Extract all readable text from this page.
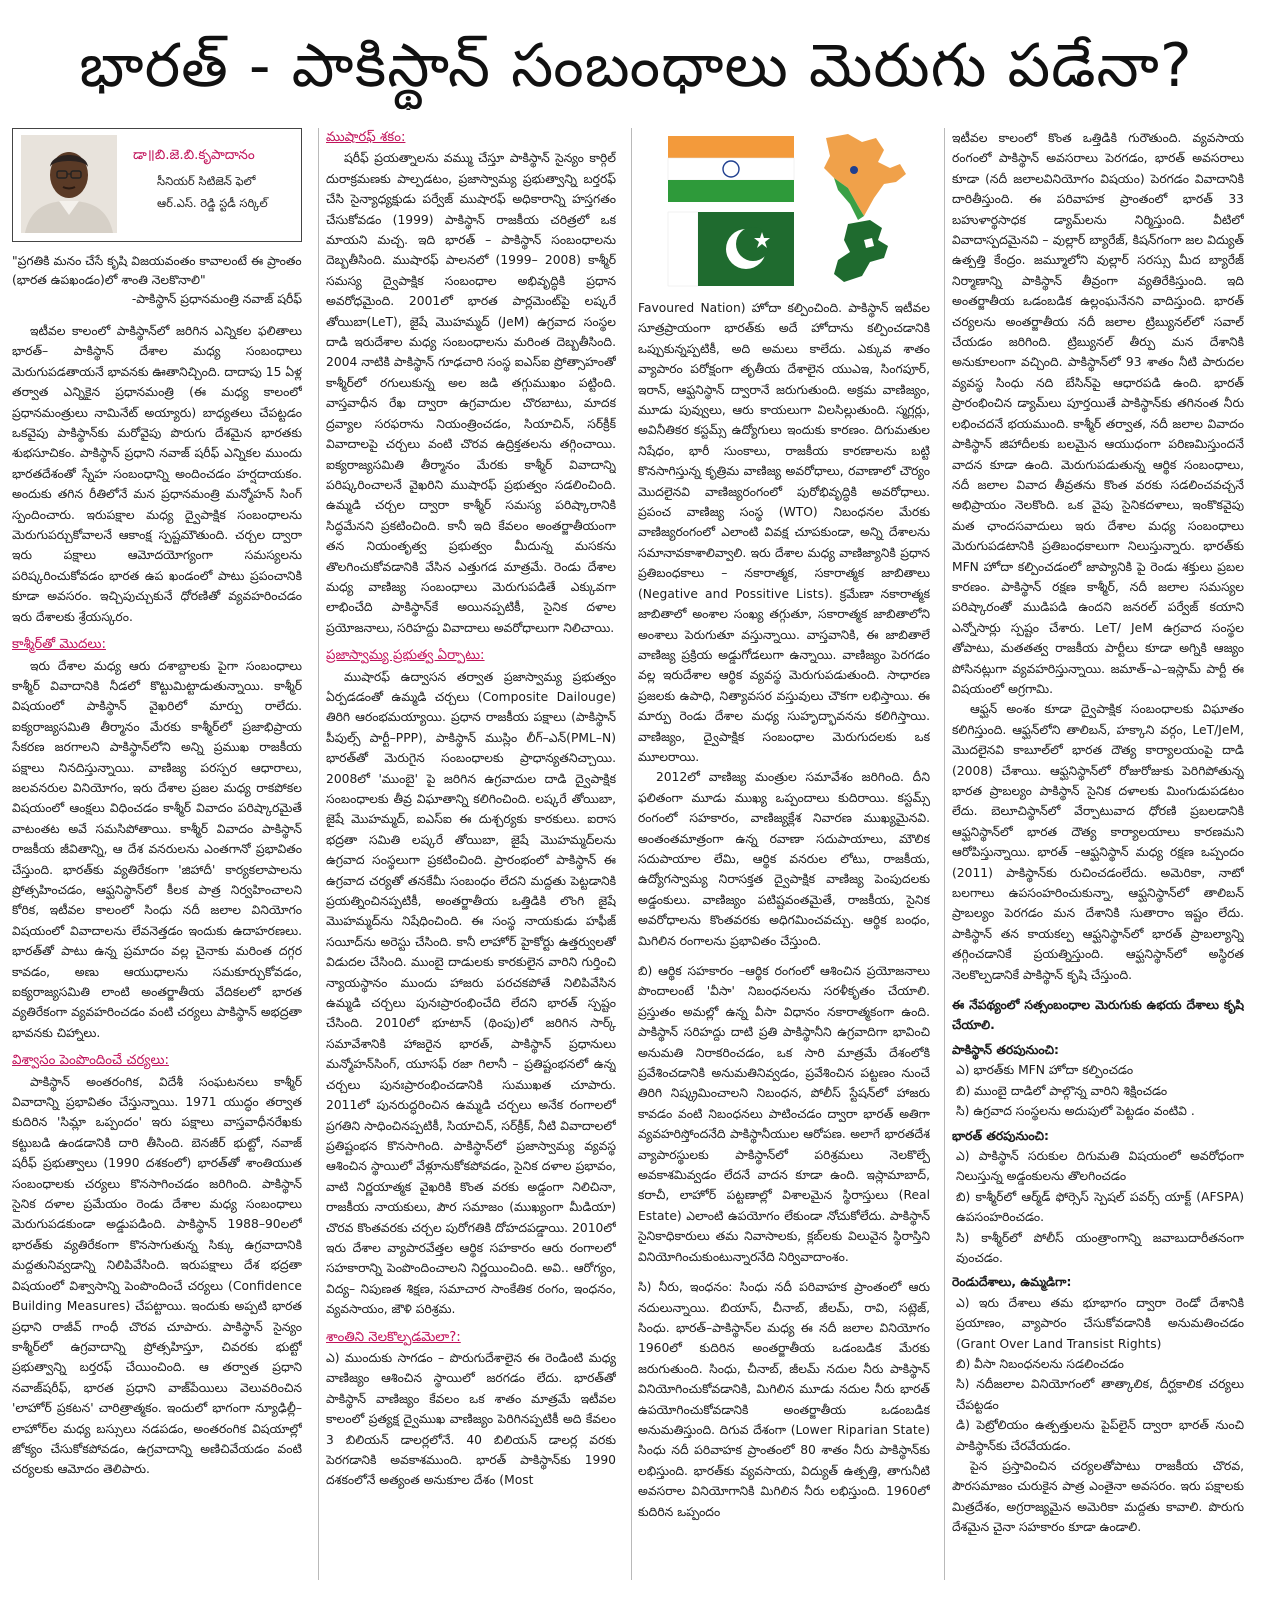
భారత్ - పాకిస్థాన్ సంబంధాలు మెరుగు పడేనా?
డా॥బి.జె.బి.కృపాదానం
సీనియర్ సిటిజెన్ ఫెలో
ఆర్.ఎస్. రెడ్డి స్టడీ సర్కిల్
"ప్రగతికి మనం చేసే కృషి విజయవంతం కావాలంటే ఈ ప్రాంతం (భారత ఉపఖండం)లో శాంతి నెలకొనాలి"
-పాకిస్థాన్ ప్రధానమంత్రి నవాజ్ షరీఫ్

ఇటీవల కాలంలో పాకిస్థాన్‌లో జరిగిన ఎన్నికల ఫలితాలు భారత్‌– పాకిస్థాన్ దేశాల మధ్య సంబంధాలు మెరుగుపడతాయనే భావనకు ఊతానిచ్చింది. దాదాపు 15 ఏళ్ల తర్వాత ఎన్నికైన ప్రధానమంత్రి (ఈ మధ్య కాలంలో ప్రధానమంత్రులు నామినేట్ అయ్యారు) బాధ్యతలు చేపట్టడం ఒకవైపు పాకిస్థాన్‌కు మరోవైపు పొరుగు దేశమైన భారతకు శుభసూచికం. పాకిస్థాన్ ప్రధాని నవాజ్ షరీఫ్ ఎన్నికల ముందు భారతదేశంతో స్నేహ సంబంధాన్ని అందించడం హర్షదాయకం. అందుకు తగిన రీతిలోనే మన ప్రధానమంత్రి మన్మోహన్ సింగ్ స్పందించారు. ఇరుపక్షాల మధ్య ద్వైపాక్షిక సంబంధాలను మెరుగుపర్చుకోవాలనే ఆకాంక్ష స్పష్టమౌతుంది. చర్చల ద్వారా ఇరు పక్షాలు ఆమోదయోగ్యంగా సమస్యలను పరిష్కరించుకోవడం భారత ఉప ఖండంలో పాటు ప్రపంచానికి కూడా అవసరం. ఇచ్చిపుచ్చుకునే ధోరణితో వ్యవహరించడం ఇరు దేశాలకు శ్రేయస్కరం.

కాశ్మీర్‌తో మొదలు:

ఇరు దేశాల మధ్య ఆరు దశాబ్దాలకు పైగా సంబంధాలు కాశ్మీర్ వివాదానికి నీడలో కొట్టుమిట్టాడుతున్నాయి. కాశ్మీర్ విషయంలో పాకిస్థాన్ వైఖరిలో మార్పు రాలేదు. ఐక్యరాజ్యసమితి తీర్మానం మేరకు కాశ్మీర్‌లో ప్రజాభిప్రాయ సేకరణ జరగాలని పాకిస్థాన్‌లోని అన్ని ప్రముఖ రాజకీయ పక్షాలు నినదిస్తున్నాయి. వాణిజ్య పరస్పర ఆధారాలు, జలవనరుల వినియోగం, ఇరు దేశాల ప్రజల మధ్య రాకపోకల విషయంలో ఆంక్షలు విధించడం కాశ్మీర్ వివాదం పరిష్కారమైతే వాటంతట అవే సమసిపోతాయి. కాశ్మీర్ వివాదం పాకిస్థాన్ రాజకీయ జీవితాన్ని, ఆ దేశ వనరులను ఎంతగానో ప్రభావితం చేస్తుంది. భారత్‌కు వ్యతిరేకంగా 'జిహాదీ' కార్యకలాపాలను ప్రోత్సహించడం, ఆఫ్ఘనిస్థాన్‌లో కీలక పాత్ర నిర్వహించాలని కోరిక, ఇటీవల కాలంలో సింధు నదీ జలాల వినియోగం విషయంలో వివాదాలను లేవనెత్తడం ఇందుకు ఉదాహరణలు. భారత్‌తో పాటు ఉన్న ప్రమాదం వల్ల చైనాకు మరింత దగ్గర కావడం, అణు ఆయుధాలను సమకూర్చుకోవడం, ఐక్యరాజ్యసమితి లాంటి అంతర్జాతీయ వేదికలలో భారత వ్యతిరేకంగా వ్యవహరించడం వంటి చర్యలు పాకిస్థాన్ అభద్రతా భావనకు చిహ్నాలు.

విశ్వాసం పెంపొందించే చర్యలు:

పాకిస్థాన్ అంతరంగిక, విదేశీ సంఘటనలు కాశ్మీర్ వివాదాన్ని ప్రభావితం చేస్తున్నాయి. 1971 యుద్ధం తర్వాత కుదిరిన 'సిమ్లా ఒప్పందం' ఇరు పక్షాలు వాస్తవాధీనరేఖకు కట్టుబడి ఉండడానికి దారి తీసింది. బెనజీర్ భుట్టో, నవాజ్ షరీఫ్ ప్రభుత్వాలు (1990 దశకంలో) భారత్‌తో శాంతియుత సంబంధాలకు చర్యలు కొనసాగించడం జరిగింది. పాకిస్థాన్ సైనిక దళాల ప్రమేయం రెండు దేశాల మధ్య సంబంధాలు మెరుగుపడకుండా అడ్డుపడింది. పాకిస్థాన్ 1988–90లలో భారత్‌కు వ్యతిరేకంగా కొనసాగుతున్న సిక్కు ఉగ్రవాదానికి మద్దతునివ్వడాన్ని నిలిపివేసింది. ఇరుపక్షాలు దేశ భద్రతా విషయంలో విశ్వాసాన్ని పెంపొందించే చర్యలు (Confidence Building Measures) చేపట్టాయి. ఇందుకు అప్పటి భారత ప్రధాని రాజీవ్ గాంధీ చొరవ చూపారు. పాకిస్థాన్ సైన్యం కాశ్మీర్‌లో ఉగ్రవాదాన్ని ప్రోత్సహిస్తూ, చివరకు భుట్టో ప్రభుత్వాన్ని బర్తరఫ్ చేయించింది. ఆ తర్వాత ప్రధాని నవాజ్‌షరీఫ్, భారత ప్రధాని వాజ్‌పేయిలు వెలువరించిన 'లాహోర్ ప్రకటన' చారిత్రాత్మకం. ఇందులో భాగంగా న్యూఢిల్లీ–లాహోర్‌ల మధ్య బస్సులు నడపడం, అంతరంగిక విషయాల్లో జోక్యం చేసుకోకపోవడం, ఉగ్రవాదాన్ని అణిచివేయడం వంటి చర్యలకు ఆమోదం తెలిపారు.

ముషారఫ్ శకం:

షరీఫ్ ప్రయత్నాలను వమ్ము చేస్తూ పాకిస్థాన్ సైన్యం కార్గిల్ దురాక్రమణకు పాల్పడటం, ప్రజాస్వామ్య ప్రభుత్వాన్ని బర్తరఫ్ చేసి సైన్యాధ్యక్షుడు పర్వేజ్ ముషారఫ్ అధికారాన్ని హస్తగతం చేసుకోవడం (1999) పాకిస్థాన్ రాజకీయ చరిత్రలో ఒక మాయని మచ్చ. ఇది భారత్ – పాకిస్థాన్ సంబంధాలను దెబ్బతీసింది. ముషారఫ్ పాలనలో (1999– 2008) కాశ్మీర్ సమస్య ద్వైపాక్షిక సంబంధాల అభివృద్ధికి ప్రధాన అవరోధమైంది. 2001లో భారత పార్లమెంట్‌పై లష్కరే తోయిబా(LeT), జైషే మొహమ్మద్ (JeM) ఉగ్రవాద సంస్థల దాడి ఇరుదేశాల మధ్య సంబంధాలను మరింత దెబ్బతీసింది. 2004 నాటికి పాకిస్థాన్ గూఢచారి సంస్థ ఐఎస్ఐ ప్రోత్సాహంతో కాశ్మీర్‌లో రగులుకున్న అల జడి తగ్గుముఖం పట్టింది. వాస్తవాధీన రేఖ ద్వారా ఉగ్రవాదుల చొరబాటు, మాదక ద్రవ్యాల సరఫరాను నియంత్రించడం, సియాచిన్, సర్‌క్రీక్ వివాదాలపై చర్చలు వంటి చొరవ ఉద్రిక్తతలను తగ్గించాయి. ఐక్యరాజ్యసమితి తీర్మానం మేరకు కాశ్మీర్ వివాదాన్ని పరిష్కరించాలనే వైఖరిని ముషారఫ్ ప్రభుత్వం సడలించింది. ఉమ్మడి చర్చల ద్వారా కాశ్మీర్ సమస్య పరిష్కారానికి సిద్ధమేనని ప్రకటించింది. కానీ ఇది కేవలం అంతర్జాతీయంగా తన నియంతృత్వ ప్రభుత్వం మీదున్న మసకను తొలగించుకోవడానికి వేసిన ఎత్తుగడ మాత్రమే. రెండు దేశాల మధ్య వాణిజ్య సంబంధాలు మెరుగుపడితే ఎక్కువగా లాభించేది పాకిస్థాన్‌కే అయినప్పటికీ, సైనిక దళాల ప్రయోజనాలు, సరిహద్దు వివాదాలు అవరోధాలుగా నిలిచాయి.

ప్రజాస్వామ్య ప్రభుత్వ ఏర్పాటు:

ముషారఫ్ ఉద్వాసన తర్వాత ప్రజాస్వామ్య ప్రభుత్వం ఏర్పడడంతో ఉమ్మడి చర్చలు (Composite Dailouge) తిరిగి ఆరంభమయ్యాయి. ప్రధాన రాజకీయ పక్షాలు (పాకిస్థాన్ పీపుల్స్ పార్టీ–PPP), పాకిస్థాన్ ముస్లిం లీగ్–ఎన్(PML–N) భారత్‌తో మెరుగైన సంబంధాలకు ప్రాధాన్యతనిచ్చాయి. 2008లో 'ముంబై' పై జరిగిన ఉగ్రవాదుల దాడి ద్వైపాక్షిక సంబంధాలకు తీవ్ర విఘాతాన్ని కలిగించింది. లష్కరే తోయిబా, జైషే మొహమ్మద్, ఐఎస్ఐ ఈ దుశ్చర్యకు కారకులు. ఐరాస భద్రతా సమితి లష్కరే తోయిబా, జైషే మొహమ్మద్‌లను ఉగ్రవాద సంస్థలుగా ప్రకటించింది. ప్రారంభంలో పాకిస్థాన్ ఈ ఉగ్రవాద చర్యతో తనకేమీ సంబంధం లేదని మద్దతు పెట్టడానికి ప్రయత్నించినప్పటికీ, అంతర్జాతీయ ఒత్తిడికి లొంగి జైషే మొహమ్మద్‌ను నిషేధించింది. ఈ సంస్థ నాయకుడు హఫీజ్ సయీద్‌ను అరెస్టు చేసింది. కానీ లాహోర్ హైకోర్టు ఉత్తర్వులతో విడుదల చేసింది. ముంబై దాడులకు కారకులైన వారిని గుర్తించి న్యాయస్థానం ముందు హాజరు పరచకపోతే నిలిపివేసిన ఉమ్మడి చర్చలు పునఃప్రారంభించేది లేదని భారత్ స్పష్టం చేసింది. 2010లో భూటాన్ (థింపు)లో జరిగిన సార్క్ సమావేశానికి హాజరైన భారత్, పాకిస్థాన్ ప్రధానులు మన్మోహన్‌సింగ్, యూసఫ్ రజా గిలానీ – ప్రతిష్టంభనలో ఉన్న చర్చలు పునఃప్రారంభించడానికి సుముఖత చూపారు. 2011లో పునరుద్ధరించిన ఉమ్మడి చర్చలు అనేక రంగాలలో ప్రగతిని సాధించినప్పటికీ, సియాచిన్, సర్‌క్రీక్, నీటి వివాదాలలో ప్రతిష్టంభన కొనసాగింది. పాకిస్థాన్‌లో ప్రజాస్వామ్య వ్యవస్థ ఆశించిన స్థాయిలో వేళ్లూనుకోకపోవడం, సైనిక దళాల ప్రభావం, వాటి నిర్ణయాత్మక వైఖరికి కొంత వరకు అడ్డంగా నిలిచినా, రాజకీయ నాయకులు, పౌర సమాజం (ముఖ్యంగా మీడియా) చొరవ కొంతవరకు చర్చల పురోగతికి దోహదపడ్డాయి. 2010లో ఇరు దేశాల వ్యాపారవేత్తల ఆర్థిక సహకారం ఆరు రంగాలలో సహకారాన్ని పెంపొందించాలని నిర్ణయించింది. అవి.. ఆరోగ్యం, విద్య– నిపుణత శిక్షణ, సమాచార సాంకేతిక రంగం, ఇంధనం, వ్యవసాయం, జౌళి పరిశ్రమ.

శాంతిని నెలకొల్పడమెలా?:

ఎ) ముందుకు సాగడం – పొరుగుదేశాలైన ఈ రెండింటి మధ్య వాణిజ్యం ఆశించిన స్థాయిలో జరగడం లేదు. భారత్‌తో పాకిస్థాన్ వాణిజ్యం కేవలం ఒక శాతం మాత్రమే ఇటీవల కాలంలో ప్రత్యక్ష ద్వైముఖ వాణిజ్యం పెరిగినప్పటికీ అది కేవలం 3 బిలియన్ డాలర్లలోనే. 40 బిలియన్ డాలర్ల వరకు పెరగడానికి అవకాశముంది. భారత్ పాకిస్థాన్‌కు 1990 దశకంలోనే అత్యంత అనుకూల దేశం (Most

Favoured Nation) హోదా కల్పించింది. పాకిస్థాన్ ఇటీవల సూత్రప్రాయంగా భారత్‌కు అదే హోదాను కల్పించడానికి ఒప్పుకున్నప్పటికీ, అది అమలు కాలేదు. ఎక్కువ శాతం వ్యాపారం పరోక్షంగా తృతీయ దేశాలైన యుఎఇ, సింగపూర్, ఇరాన్, ఆఫ్ఘనిస్థాన్ ద్వారానే జరుగుతుంది. అక్రమ వాణిజ్యం, మూడు పువ్వులు, ఆరు కాయలుగా విలసిల్లుతుంది. స్మగ్లర్లు, అవినీతికర కస్టమ్స్ ఉద్యోగులు ఇందుకు కారణం. దిగుమతుల నిషేధం, భారీ సుంకాలు, రాజకీయ కారణాలను బట్టి కొనసాగిస్తున్న కృత్రిమ వాణిజ్య అవరోధాలు, రవాణాలో చౌర్యం మొదలైనవి వాణిజ్యరంగంలో పురోభివృద్ధికి అవరోధాలు. ప్రపంచ వాణిజ్య సంస్థ (WTO) నిబంధనల మేరకు వాణిజ్యరంగంలో ఎలాంటి వివక్ష చూపకుండా, అన్ని దేశాలను సమానావకాశాలివ్వాలి. ఇరు దేశాల మధ్య వాణిజ్యానికి ప్రధాన ప్రతిబంధకాలు – నకారాత్మక, సకారాత్మక జాబితాలు (Negative and Possitive Lists). క్రమేణా నకారాత్మక జాబితాలో అంశాల సంఖ్య తగ్గుతూ, సకారాత్మక జాబితాలోని అంశాలు పెరుగుతూ వస్తున్నాయి. వాస్తవానికి, ఈ జాబితాలే వాణిజ్య ప్రక్రియ అడ్డుగోడలుగా ఉన్నాయి. వాణిజ్యం పెరగడం వల్ల ఇరుదేశాల ఆర్థిక వ్యవస్థ మెరుగుపడుతుంది. సాధారణ ప్రజలకు ఉపాధి, నిత్యావసర వస్తువులు చౌకగా లభిస్తాయి. ఈ మార్పు రెండు దేశాల మధ్య సుహృద్భావనను కలిగిస్తాయి. వాణిజ్యం, ద్వైపాక్షిక సంబంధాల మెరుగుదలకు ఒక మూలరాయి.

2012లో వాణిజ్య మంత్రుల సమావేశం జరిగింది. దీని ఫలితంగా మూడు ముఖ్య ఒప్పందాలు కుదిరాయి. కస్టమ్స్ రంగంలో సహకారం, వాణిజ్యక్లేశ నివారణ ముఖ్యమైనవి. అంతంతమాత్రంగా ఉన్న రవాణా సదుపాయాలు, మౌలిక సదుపాయాల లేమి, ఆర్థిక వనరుల లోటు, రాజకీయ, ఉద్యోగస్వామ్య నిరాసక్తత ద్వైపాక్షిక వాణిజ్య పెంపుదలకు అడ్డంకులు. వాణిజ్యం పటిష్టవంతమైతే, రాజకీయ, సైనిక అవరోధాలను కొంతవరకు అధిగమించవచ్చు. ఆర్థిక బంధం, మిగిలిన రంగాలను ప్రభావితం చేస్తుంది.

బి) ఆర్థిక సహకారం –ఆర్థిక రంగంలో ఆశించిన ప్రయోజనాలు పొందాలంటే 'వీసా' నిబంధనలను సరళీకృతం చేయాలి. ప్రస్తుతం అమల్లో ఉన్న వీసా విధానం నకారాత్మకంగా ఉంది. పాకిస్థాన్ సరిహద్దు దాటి ప్రతి పాకిస్థానీని ఉగ్రవాదిగా భావించి అనుమతి నిరాకరించడం, ఒక సారి మాత్రమే దేశంలోకి ప్రవేశించడానికి అనుమతినివ్వడం, ప్రవేశించిన పట్టణం నుంచే తిరిగి నిష్క్రమించాలని నిబంధన, పోలీస్ స్టేషన్‌లో హాజరు కావడం వంటి నిబంధనలు పాటించడం ద్వారా భారత్ అతిగా వ్యవహరిస్తోందనేది పాకిస్థానీయుల ఆరోపణ. అలాగే భారతదేశ వ్యాపారస్థులకు పాకిస్థాన్‌లో పరిశ్రమలు నెలకొల్పే అవకాశమివ్వడం లేదనే వాదన కూడా ఉంది. ఇస్లామాబాద్, కరాచీ, లాహోర్ పట్టణాల్లో విశాలమైన స్థిరాస్తులు (Real Estate) ఎలాంటి ఉపయోగం లేకుండా నోచుకోలేదు. పాకిస్థాన్ సైనికాధికారులు తమ నివాసాలకు, క్లబ్‌లకు విలువైన స్థిరాస్తిని వినియోగించుకుంటున్నారనేది నిర్వివాదాంశం.

సి) నీరు, ఇంధనం: సింధు నదీ పరివాహక ప్రాంతంలో ఆరు నదులున్నాయి. బియాస్, చీనాబ్, జీలమ్, రావి, సట్లెజ్, సింధు. భారత్–పాకిస్థాన్‌ల మధ్య ఈ నదీ జలాల వినియోగం 1960లో కుదిరిన అంతర్జాతీయ ఒడంబడిక మేరకు జరుగుతుంది. సింధు, చీనాబ్, జీలమ్ నదుల నీరు పాకిస్థాన్ వినియోగించుకోవడానికి, మిగిలిన మూడు నదుల నీరు భారత్ ఉపయోగించుకోవడానికి అంతర్జాతీయ ఒడంబడిక అనుమతిస్తుంది. దిగువ దేశంగా (Lower Riparian State) సింధు నదీ పరివాహక ప్రాంతంలో 80 శాతం నీరు పాకిస్థాన్‌కు లభిస్తుంది. భారత్‌కు వ్యవసాయ, విద్యుత్ ఉత్పత్తి, తాగునీటి అవసరాల వినియోగానికి మిగిలిన నీరు లభిస్తుంది. 1960లో కుదిరిన ఒప్పందం

ఇటీవల కాలంలో కొంత ఒత్తిడికి గురౌతుంది. వ్యవసాయ రంగంలో పాకిస్థాన్ అవసరాలు పెరగడం, భారత్ అవసరాలు కూడా (నదీ జలాలవినియోగం విషయం) పెరగడం వివాదానికి దారితీస్తుంది. ఈ పరివాహక ప్రాంతంలో భారత్ 33 బహుళార్థసాధక డ్యామ్‌లను నిర్మిస్తుంది. వీటిలో వివాదాస్పదమైనవి – వుల్లార్ బ్యారేజ్, కిషన్‌గంగా జల విద్యుత్ ఉత్పత్తి కేంద్రం. జమ్మూలోని వుల్లార్ సరస్సు మీద బ్యారేజ్ నిర్మాణాన్ని పాకిస్థాన్ తీవ్రంగా వ్యతిరేకిస్తుంది. ఇది అంతర్జాతీయ ఒడంబడిక ఉల్లంఘనేనని వాదిస్తుంది. భారత్ చర్యలను అంతర్జాతీయ నదీ జలాల ట్రిబ్యునల్‌లో సవాల్ చేయడం జరిగింది. ట్రిబ్యునల్ తీర్పు మన దేశానికి అనుకూలంగా వచ్చింది. పాకిస్థాన్‌లో 93 శాతం నీటి పారుదల వ్యవస్థ సింధు నది బేసిన్‌పై ఆధారపడి ఉంది. భారత్ ప్రారంభించిన డ్యామ్‌లు పూర్తయితే పాకిస్థాన్‌కు తగినంత నీరు లభించదనే భయముంది. కాశ్మీర్ తర్వాత, నదీ జలాల వివాదం పాకిస్థాన్ జిహాదీలకు బలమైన ఆయుధంగా పరిణమిస్తుందనే వాదన కూడా ఉంది. మెరుగుపడుతున్న ఆర్థిక సంబంధాలు, నదీ జలాల వివాద తీవ్రతను కొంత వరకు సడలించవచ్చనే అభిప్రాయం నెలకొంది. ఒక వైపు సైనికదళాలు, ఇంకొకవైపు మత ఛాందసవాదులు ఇరు దేశాల మధ్య సంబంధాలు మెరుగుపడటానికి ప్రతిబంధకాలుగా నిలుస్తున్నారు. భారత్‌కు MFN హోదా కల్పించడంలో జాప్యానికి పై రెండు శక్తులు ప్రబల కారణం. పాకిస్థాన్ రక్షణ కాశ్మీర్, నదీ జలాల సమస్యల పరిష్కారంతో ముడిపడి ఉందని జనరల్ పర్వేజ్ కయాని ఎన్నోసార్లు స్పష్టం చేశారు. LeT/ JeM ఉగ్రవాద సంస్థల తోపాటు, మతతత్వ రాజకీయ పార్టీలు కూడా అగ్నికి ఆజ్యం పోసినట్లుగా వ్యవహరిస్తున్నాయి. జమాత్–ఎ–ఇస్లామ్ పార్టీ ఈ విషయంలో అగ్రగామి.

ఆఫ్ఘన్ అంశం కూడా ద్వైపాక్షిక సంబంధాలకు విఘాతం కలిగిస్తుంది. ఆఫ్ఘన్‌లోని తాలిబన్, హక్కాని వర్గం, LeT/JeM, మొదలైనవి కాబూల్‌లో భారత దౌత్య కార్యాలయంపై దాడి (2008) చేశాయి. ఆఫ్ఘనిస్థాన్‌లో రోజురోజుకు పెరిగిపోతున్న భారత ప్రాబల్యం పాకిస్థాన్ సైనిక దళాలకు మింగుడుపడటం లేదు. బెలూచిస్థాన్‌లో వేర్పాటువాద ధోరణి ప్రబలడానికి ఆఫ్ఘనిస్థాన్‌లో భారత దౌత్య కార్యాలయాలు కారణమని ఆరోపిస్తున్నాయి. భారత్ –ఆఫ్ఘనిస్థాన్ మధ్య రక్షణ ఒప్పందం (2011) పాకిస్థాన్‌కు రుచించడంలేదు. అమెరికా, నాటో బలగాలు ఉపసంహరించుకున్నా, ఆఫ్ఘనిస్థాన్‌లో తాలిబన్ ప్రాబల్యం పెరగడం మన దేశానికి సుతారాం ఇష్టం లేదు. పాకిస్థాన్ తన కాయకల్ప ఆఫ్ఘనిస్థాన్‌లో భారత్ ప్రాబల్యాన్ని తగ్గించడానికే ప్రయత్నిస్తుంది. ఆఫ్ఘనిస్థాన్‌లో అస్థిరత నెలకొల్పడానికే పాకిస్థాన్ కృషి చేస్తుంది.

ఈ నేపథ్యంలో సత్సంబంధాల మెరుగుకు ఉభయ దేశాలు కృషి చేయాలి.
పాకిస్థాన్ తరపునుంచి:
ఎ) భారత్‌కు MFN హోదా కల్పించడం
బి) ముంబై దాడిలో పాల్గొన్న వారిని శిక్షించడం
సి) ఉగ్రవాద సంస్థలను అదుపులో పెట్టడం వంటివి .
భారత్ తరపునుంచి:
ఎ) పాకిస్థాన్ సరుకుల దిగుమతి విషయంలో అవరోధంగా నిలుస్తున్న అడ్డంకులను తొలగించడం
బి) కాశ్మీర్‌లో ఆర్మ్‌డ్ ఫోర్సెస్ స్పెషల్ పవర్స్ యాక్ట్ (AFSPA) ఉపసంహరించడం.
సి) కాశ్మీర్‌లో పోలీస్ యంత్రాంగాన్ని జవాబుదారీతనంగా వుంచడం.
రెండుదేశాలు, ఉమ్మడిగా:
ఎ) ఇరు దేశాలు తమ భూభాగం ద్వారా రెండో దేశానికి ప్రయాణం, వ్యాపారం చేసుకోవడానికి అనుమతించడం (Grant Over Land Transist Rights)
బి) వీసా నిబంధనలను సడలించడం
సి) నదీజలాల వినియోగంలో తాత్కాలిక, దీర్ఘకాలిక చర్యలు చేపట్టడం
డి) పెట్రోలియం ఉత్పత్తులను పైప్‌లైన్ ద్వారా భారత్ నుంచి పాకిస్థాన్‌కు చేరవేయడం.

పైన ప్రస్తావించిన చర్యలతోపాటు రాజకీయ చొరవ, పౌరసమాజం చురుకైన పాత్ర ఎంతైనా అవసరం. ఇరు పక్షాలకు మిత్రదేశం, అగ్రరాజ్యమైన అమెరికా మద్దతు కావాలి. పొరుగు దేశమైన చైనా సహకారం కూడా ఉండాలి.
